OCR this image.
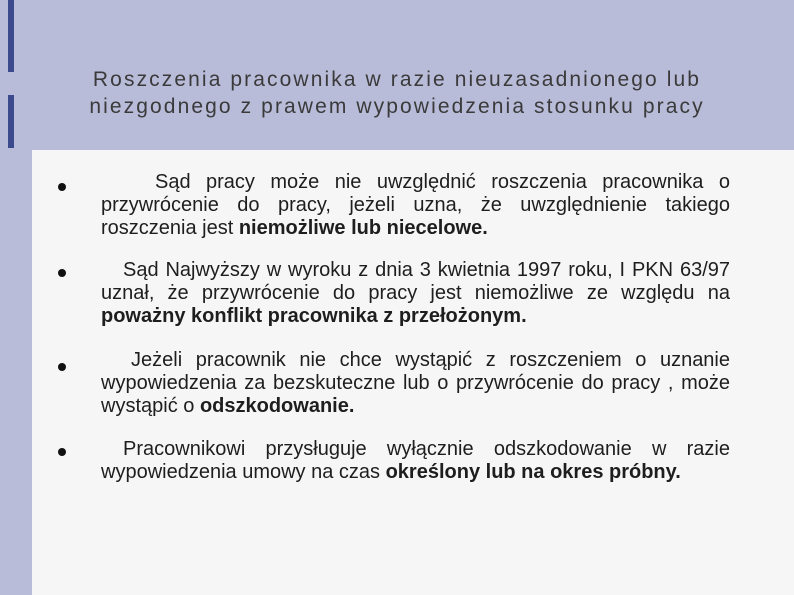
Roszczenia pracownika w razie nieuzasadnionego lub
niezgodnego z prawem wypowiedzenia stosunku pracy

Sąd pracy może nie uwzględnić roszczenia pracownika o przywrócenie do pracy, jeżeli uzna, że uwzględnienie takiego roszczenia jest niemożliwe lub niecelowe.

Sąd Najwyższy w wyroku z dnia 3 kwietnia 1997 roku, I PKN 63/97 uznał, że przywrócenie do pracy jest niemożliwe ze względu na poważny konflikt pracownika z przełożonym.

Jeżeli pracownik nie chce wystąpić z roszczeniem o uznanie wypowiedzenia za bezskuteczne lub o przywrócenie do pracy , może wystąpić o odszkodowanie.

Pracownikowi przysługuje wyłącznie odszkodowanie w razie wypowiedzenia umowy na czas określony lub na okres próbny.
